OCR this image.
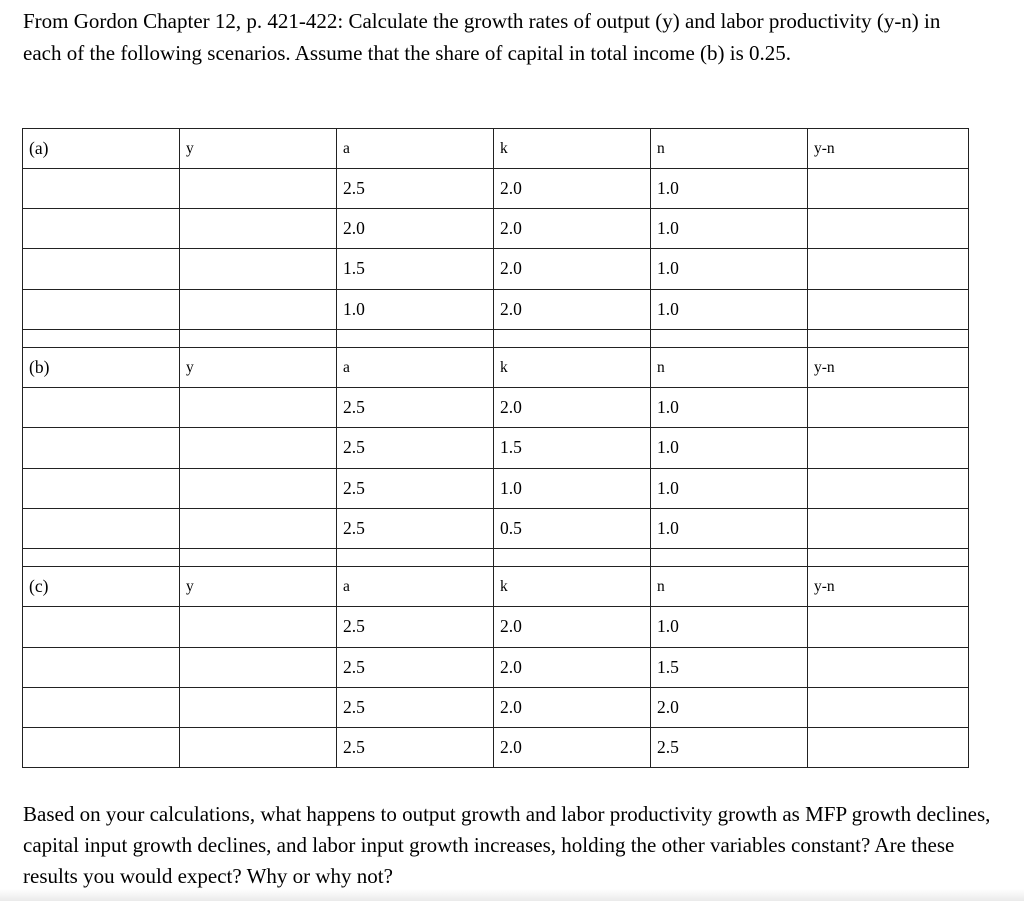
From Gordon Chapter 12, p. 421-422: Calculate the growth rates of output (y) and labor productivity (y-n) in each of the following scenarios. Assume that the share of capital in total income (b) is 0.25.

(a)	y	a	k	n	y-n
		2.5	2.0	1.0	
		2.0	2.0	1.0	
		1.5	2.0	1.0	
		1.0	2.0	1.0	

(b)	y	a	k	n	y-n
		2.5	2.0	1.0	
		2.5	1.5	1.0	
		2.5	1.0	1.0	
		2.5	0.5	1.0	

(c)	y	a	k	n	y-n
		2.5	2.0	1.0	
		2.5	2.0	1.5	
		2.5	2.0	2.0	
		2.5	2.0	2.5	

Based on your calculations, what happens to output growth and labor productivity growth as MFP growth declines, capital input growth declines, and labor input growth increases, holding the other variables constant? Are these results you would expect? Why or why not?
